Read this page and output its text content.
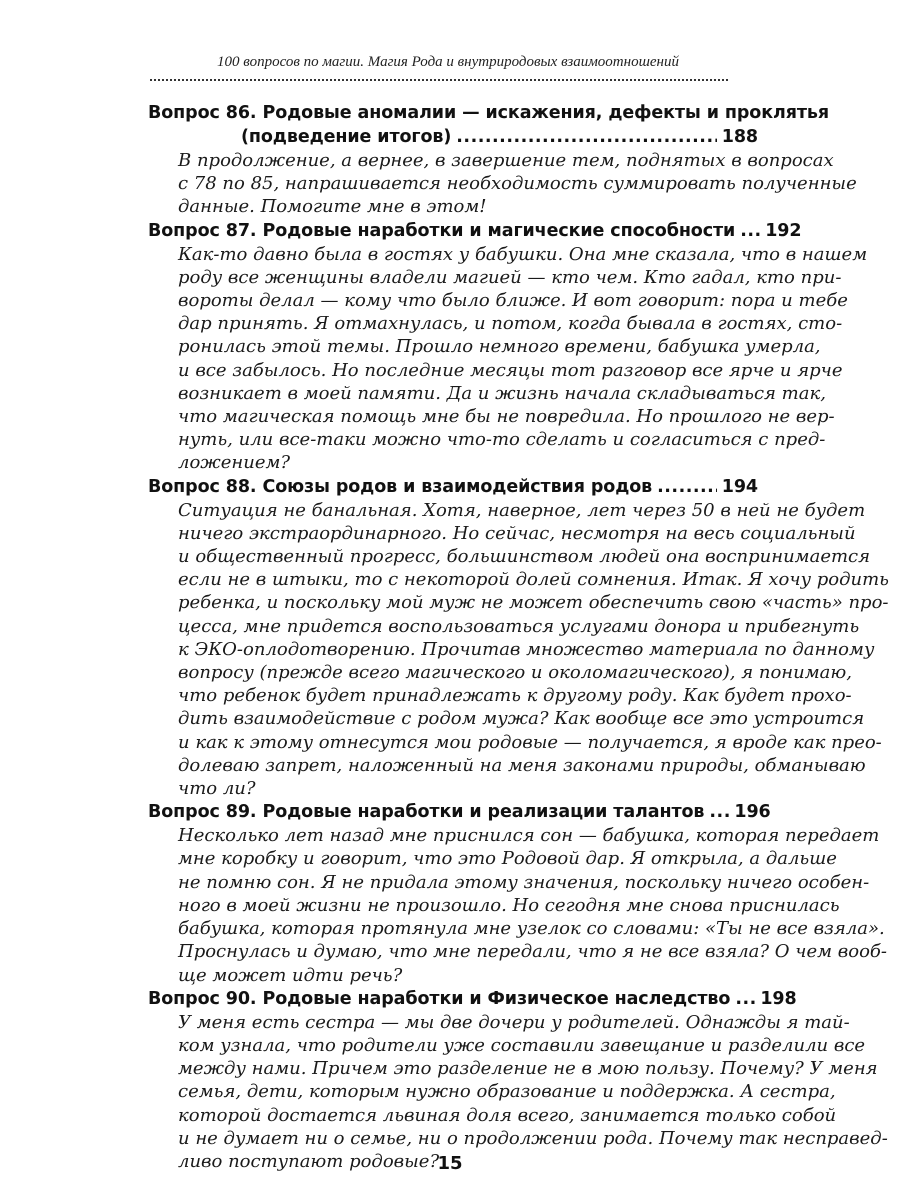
100 вопросов по магии. Магия Рода и внутриродовых взаимоотношений
Вопрос 86. Родовые аномалии — искажения, дефекты и проклятья
(подведение итогов) .....	188
В продолжение, а вернее, в завершение тем, поднятых в вопросах
с 78 по 85, напрашивается необходимость суммировать полученные
данные. Помогите мне в этом!
Вопрос 87. Родовые наработки и магические способности ..... 192
Как-то давно была в гостях у бабушки. Она мне сказала, что в нашем
роду все женщины владели магией — кто чем. Кто гадал, кто при-
вороты делал — кому что было ближе. И вот говорит: пора и тебе
дар принять. Я отмахнулась, и потом, когда бывала в гостях, сто-
ронилась этой темы. Прошло немного времени, бабушка умерла,
и все забылось. Но последние месяцы тот разговор все ярче и ярче
возникает в моей памяти. Да и жизнь начала складываться так,
что магическая помощь мне бы не повредила. Но прошлого не вер-
нуть, или все-таки можно что-то сделать и согласиться с пред-
ложением?
Вопрос 88. Союзы родов и взаимодействия родов .....	194
Ситуация не банальная. Хотя, наверное, лет через 50 в ней не будет
ничего экстраординарного. Но сейчас, несмотря на весь социальный
и общественный прогресс, большинством людей она воспринимается
если не в штыки, то с некоторой долей сомнения. Итак. Я хочу родить
ребенка, и поскольку мой муж не может обеспечить свою «часть» про-
цесса, мне придется воспользоваться услугами донора и прибегнуть
к ЭКО-оплодотворению. Прочитав множество материала по данному
вопросу (прежде всего магического и околомагического), я понимаю,
что ребенок будет принадлежать к другому роду. Как будет прохо-
дить взаимодействие с родом мужа? Как вообще все это устроится
и как к этому отнесутся мои родовые — получается, я вроде как прео-
долеваю запрет, наложенный на меня законами природы, обманываю
что ли?
Вопрос 89. Родовые наработки и реализации талантов ..... 196
Несколько лет назад мне приснился сон — бабушка, которая передает
мне коробку и говорит, что это Родовой дар. Я открыла, а дальше
не помню сон. Я не придала этому значения, поскольку ничего особен-
ного в моей жизни не произошло. Но сегодня мне снова приснилась
бабушка, которая протянула мне узелок со словами: «Ты не все взяла».
Проснулась и думаю, что мне передали, что я не все взяла? О чем вооб-
ще может идти речь?
Вопрос 90. Родовые наработки и Физическое наследство ..... 198
У меня есть сестра — мы две дочери у родителей. Однажды я тай-
ком узнала, что родители уже составили завещание и разделили все
между нами. Причем это разделение не в мою пользу. Почему? У меня
семья, дети, которым нужно образование и поддержка. А сестра,
которой достается львиная доля всего, занимается только собой
и не думает ни о семье, ни о продолжении рода. Почему так несправед-
ливо поступают родовые?
15
